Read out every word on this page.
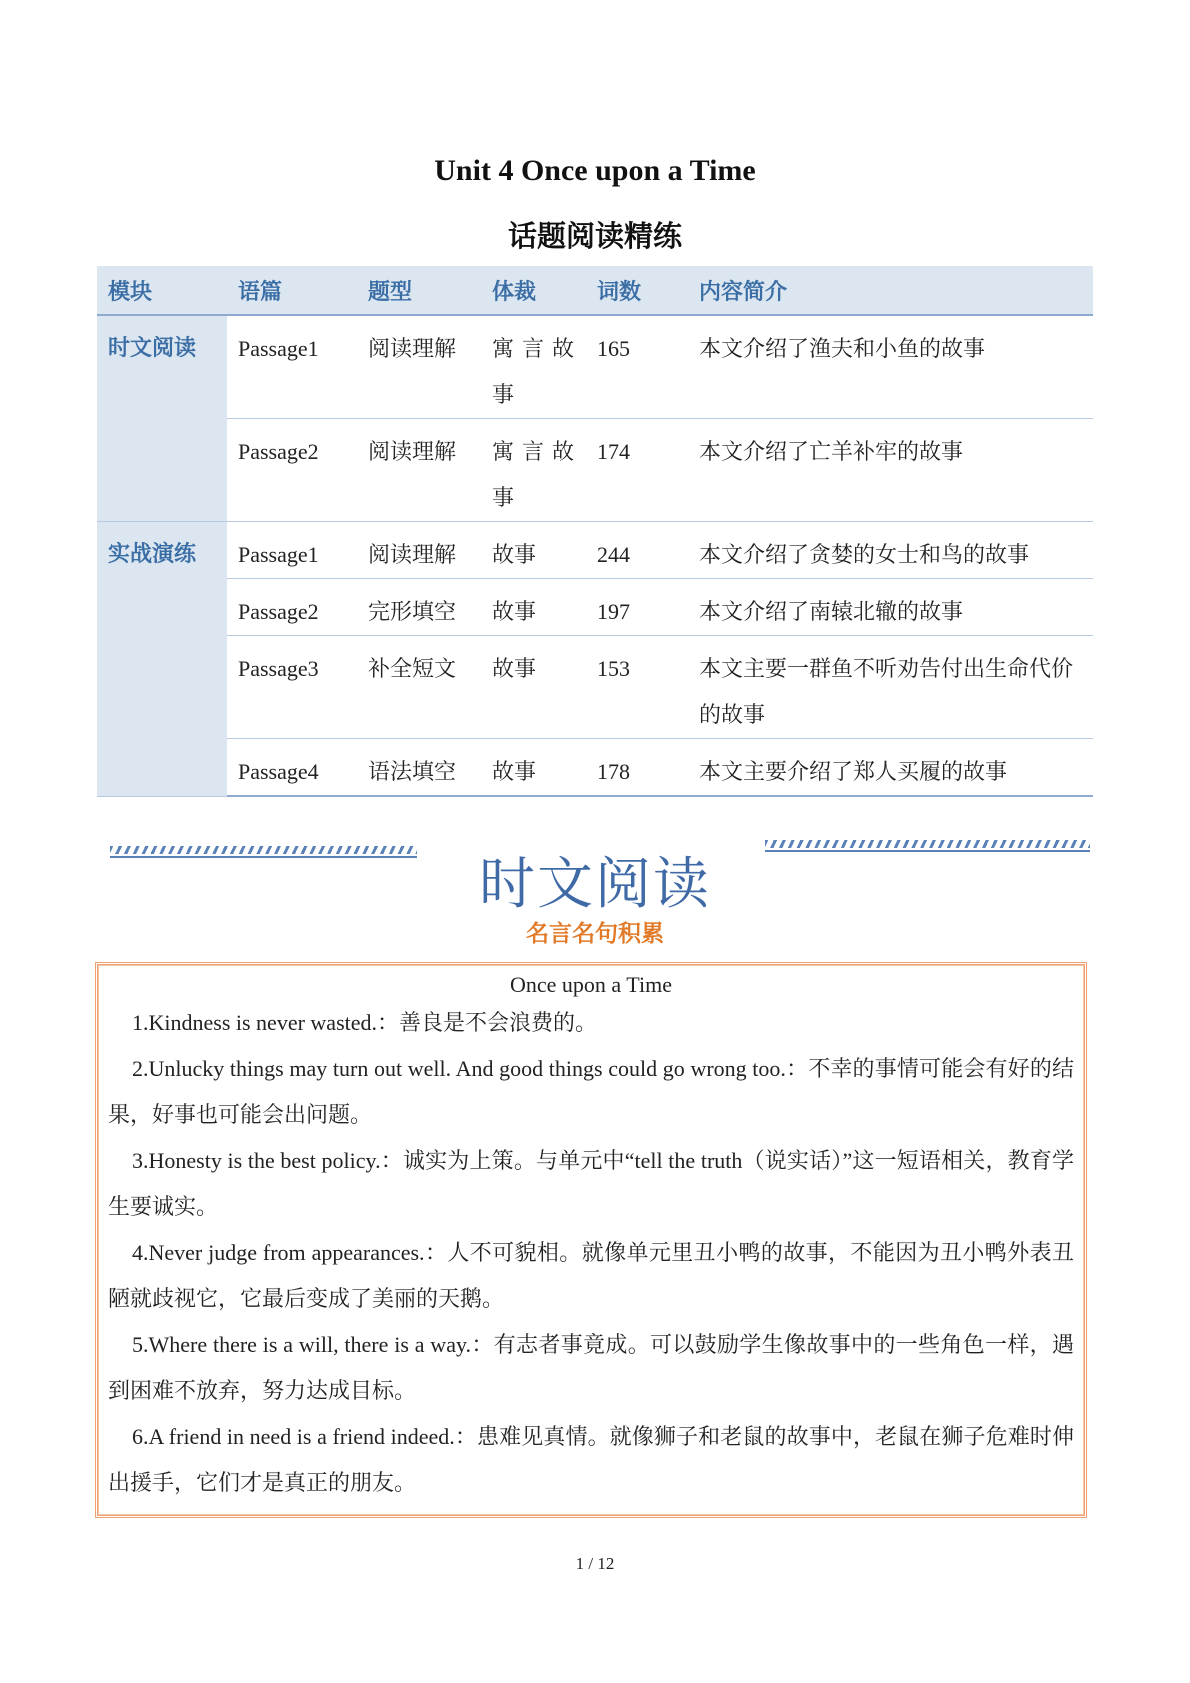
Unit 4 Once upon a Time
话题阅读精练
模块	语篇	题型	体裁	词数	内容简介
时文阅读	Passage1	阅读理解	寓言故事	165	本文介绍了渔夫和小鱼的故事
	Passage2	阅读理解	寓言故事	174	本文介绍了亡羊补牢的故事
实战演练	Passage1	阅读理解	故事	244	本文介绍了贪婪的女士和鸟的故事
	Passage2	完形填空	故事	197	本文介绍了南辕北辙的故事
	Passage3	补全短文	故事	153	本文主要一群鱼不听劝告付出生命代价的故事
	Passage4	语法填空	故事	178	本文主要介绍了郑人买履的故事
时文阅读
名言名句积累
Once upon a Time

1.Kindness is never wasted.：善良是不会浪费的。

2.Unlucky things may turn out well. And good things could go wrong too.：不幸的事情可能会有好的结果，好事也可能会出问题。

3.Honesty is the best policy.：诚实为上策。与单元中“tell the truth（说实话）”这一短语相关，教育学生要诚实。

4.Never judge from appearances.：人不可貌相。就像单元里丑小鸭的故事，不能因为丑小鸭外表丑陋就歧视它，它最后变成了美丽的天鹅。

5.Where there is a will, there is a way.：有志者事竟成。可以鼓励学生像故事中的一些角色一样，遇到困难不放弃，努力达成目标。

6.A friend in need is a friend indeed.：患难见真情。就像狮子和老鼠的故事中，老鼠在狮子危难时伸出援手，它们才是真正的朋友。

1 / 12
